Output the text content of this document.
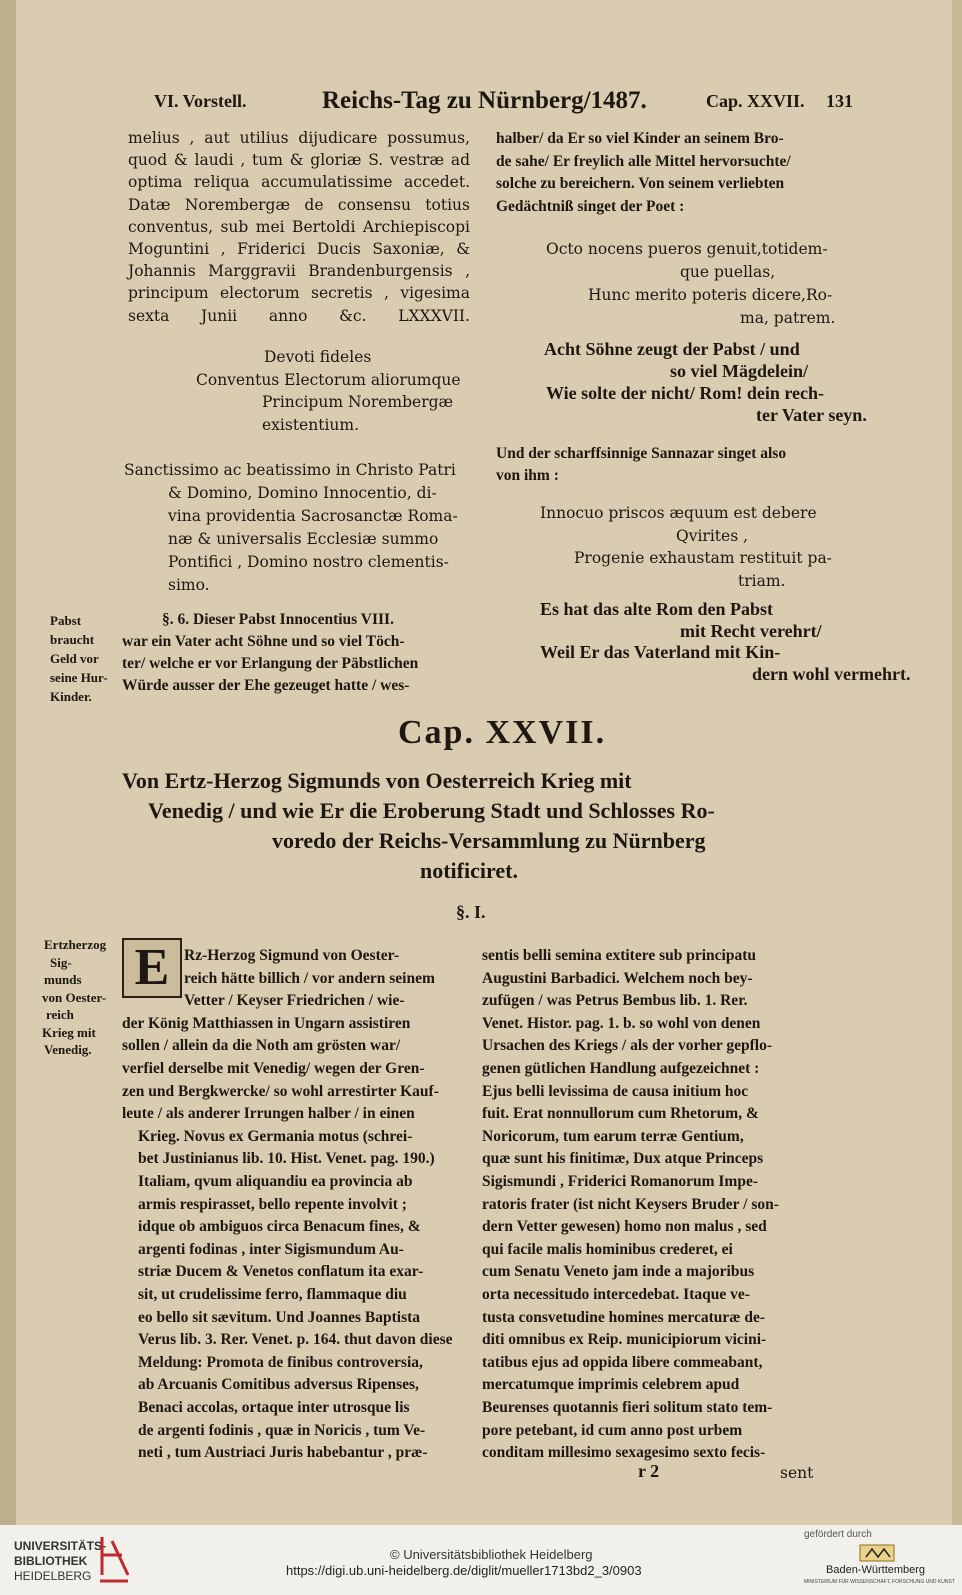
VI. Vorstell.	Reichs-Tag zu Nürnberg/1487.	Cap. XXVII. 131
melius , aut utilius dijudicare possumus,
quod & laudi , tum & gloriæ S. vestræ ad
optima reliqua accumulatissime accedet.
Datæ Norembergæ de consensu totius
conventus, sub mei Bertoldi Archiepiscopi
Moguntini , Friderici Ducis Saxoniæ, &
Johannis Marggravii Brandenburgensis ,
principum electorum secretis , vigesima
sexta Junii anno &c. LXXXVII.
Devoti fideles
Conventus Electorum aliorumque
Principum Norembergæ
existentium.
Sanctissimo ac beatissimo in Christo Patri
& Domino, Domino Innocentio, di-
vina providentia Sacrosanctæ Roma-
næ & universalis Ecclesiæ summo
Pontifici , Domino nostro clementis-
simo.
§. 6. Dieser Pabst Innocentius VIII.
war ein Vater acht Söhne und so viel Töch-
ter/ welche er vor Erlangung der Päbstlichen
Würde ausser der Ehe gezeuget hatte / wes-
Pabst
braucht
Geld vor
seine Hur-
Kinder.
halber/ da Er so viel Kinder an seinem Bro-
de sahe/ Er freylich alle Mittel hervorsuchte/
solche zu bereichern. Von seinem verliebten
Gedächtniß singet der Poet :
Octo nocens pueros genuit,totidem-
que puellas,
Hunc merito poteris dicere,Ro-
ma, patrem.
Acht Söhne zeugt der Pabst / und
so viel Mägdelein/
Wie solte der nicht/ Rom! dein rech-
ter Vater seyn.
Und der scharffsinnige Sannazar singet also
von ihm :
Innocuo priscos æquum est debere
Qvirites ,
Progenie exhaustam restituit pa-
triam.
Es hat das alte Rom den Pabst
mit Recht verehrt/
Weil Er das Vaterland mit Kin-
dern wohl vermehrt.
Cap. XXVII.
Von Ertz-Herzog Sigmunds von Oesterreich Krieg mit
Venedig / und wie Er die Eroberung Stadt und Schlosses Ro-
voredo der Reichs-Versammlung zu Nürnberg
notificiret.
§. I.
Ertzherzog
Sig-
munds
von Oester-
reich
Krieg mit
Venedig.
E Rz-Herzog Sigmund von Oester-
reich hätte billich / vor andern seinem
Vetter / Keyser Friedrichen / wie-
der König Matthiassen in Ungarn assistiren
sollen / allein da die Noth am grösten war/
verfiel derselbe mit Venedig/ wegen der Gren-
zen und Bergkwercke/ so wohl arrestirter Kauf-
leute / als anderer Irrungen halber / in einen
Krieg. Novus ex Germania motus (schrei-
bet Justinianus lib. 10. Hist. Venet. pag. 190.)
Italiam, qvum aliquandiu ea provincia ab
armis respirasset, bello repente involvit ;
idque ob ambiguos circa Benacum fines, &
argenti fodinas , inter Sigismundum Au-
striæ Ducem & Venetos conflatum ita exar-
sit, ut crudelissime ferro, flammaque diu
eo bello sit sævitum. Und Joannes Baptista
Verus lib. 3. Rer. Venet. p. 164. thut davon diese
Meldung: Promota de finibus controversia,
ab Arcuanis Comitibus adversus Ripenses,
Benaci accolas, ortaque inter utrosque lis
de argenti fodinis , quæ in Noricis , tum Ve-
neti , tum Austriaci Juris habebantur , præ-
sentis belli semina extitere sub principatu
Augustini Barbadici. Welchem noch bey-
zufügen / was Petrus Bembus lib. 1. Rer.
Venet. Histor. pag. 1. b. so wohl von denen
Ursachen des Kriegs / als der vorher gepflo-
genen gütlichen Handlung aufgezeichnet :
Ejus belli levissima de causa initium hoc
fuit. Erat nonnullorum cum Rhetorum, &
Noricorum, tum earum terræ Gentium,
quæ sunt his finitimæ, Dux atque Princeps
Sigismundi , Friderici Romanorum Impe-
ratoris frater (ist nicht Keysers Bruder / son-
dern Vetter gewesen) homo non malus , sed
qui facile malis hominibus crederet, ei
cum Senatu Veneto jam inde a majoribus
orta necessitudo intercedebat. Itaque ve-
tusta consvetudine homines mercaturæ de-
diti omnibus ex Reip. municipiorum vicini-
tatibus ejus ad oppida libere commeabant,
mercatumque imprimis celebrem apud
Beurenses quotannis fieri solitum stato tem-
pore petebant, id cum anno post urbem
conditam millesimo sexagesimo sexto fecis-
r 2	sent
UNIVERSITÄTS-
BIBLIOTHEK
HEIDELBERG
© Universitätsbibliothek Heidelberg
https://digi.ub.uni-heidelberg.de/diglit/mueller1713bd2_3/0903
gefördert durch
Baden-Württemberg
MINISTERIUM FÜR WISSENSCHAFT, FORSCHUNG UND KUNST
